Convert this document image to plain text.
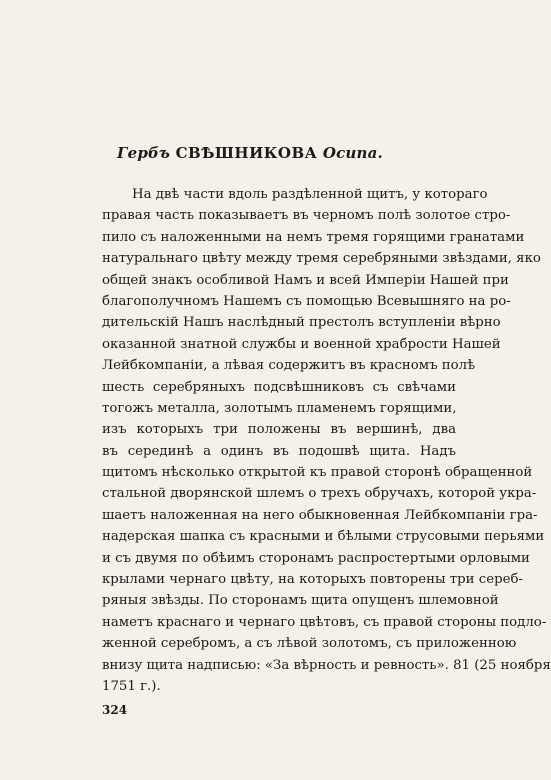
Гербъ СВѢШНИКОВА Осипа.
На двѣ части вдоль раздѣленной щитъ, у котораго
правая часть показываетъ въ черномъ полѣ золотое стро-
пило съ наложенными на немъ тремя горящими гранатами
натуральнаго цвѣту между тремя серебряными звѣздами, яко
общей знакъ особливой Намъ и всей Имперіи Нашей при
благополучномъ Нашемъ съ помощью Всевышняго на ро-
дительскій Нашъ наслѣдный престолъ вступленіи вѣрно
оказанной знатной службы и военной храбрости Нашей
Лейбкомпаніи, а лѣвая содержитъ въ красномъ полѣ
шесть серебряныхъ подсвѣшниковъ съ свѣчами
тогожъ металла, золотымъ пламенемъ горящими,
изъ которыхъ три положены въ вершинѣ, два
въ серединѣ а одинъ въ подошвѣ щита. Надъ
щитомъ нѣсколько открытой къ правой сторонѣ обращенной
стальной дворянской шлемъ о трехъ обручахъ, которой укра-
шаетъ наложенная на него обыкновенная Лейбкомпаніи гра-
надерская шапка съ красными и бѣлыми струсовыми перьями
и съ двумя по обѣимъ сторонамъ распростертыми орловыми
крылами чернаго цвѣту, на которыхъ повторены три сереб-
ряныя звѣзды. По сторонамъ щита опущенъ шлемовной
наметъ краснаго и чернаго цвѣтовъ, съ правой стороны подло-
женной серебромъ, а съ лѣвой золотомъ, съ приложенною
внизу щита надписью: «За вѣрность и ревность». 81 (25 ноября
1751 г.).
324
